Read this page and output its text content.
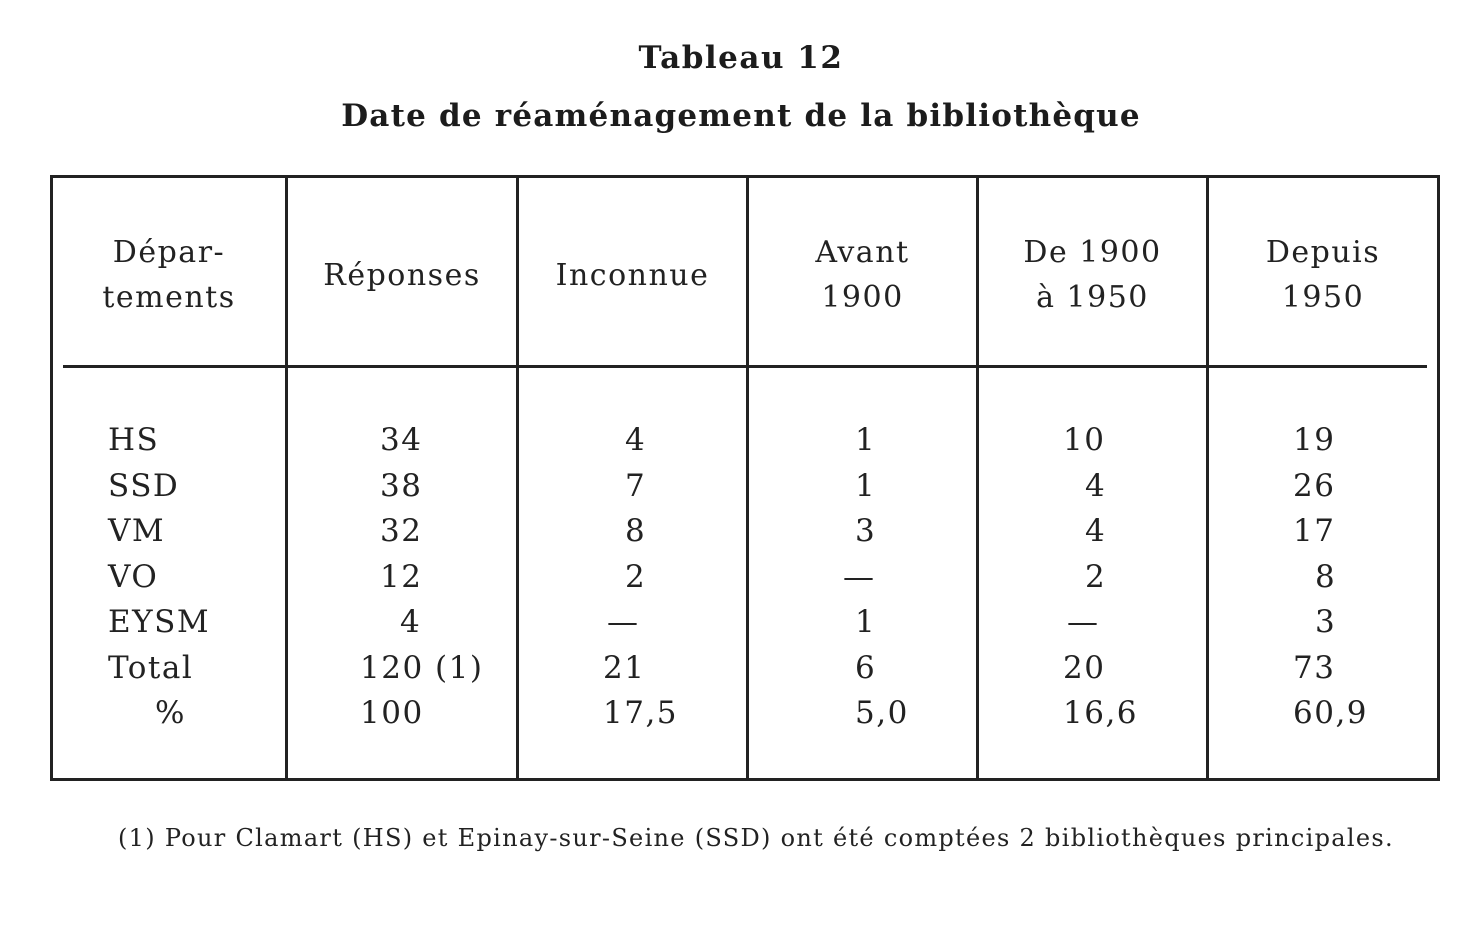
Tableau 12
Date de réaménagement de la bibliothèque
Dépar-
tements
Réponses Inconnue
Avant
1900
De 1900
à 1950
Depuis
1950
HS
SSD
VM
VO
EYSM
Total
%
34
38
32
12
4
120 (1)
100
4
7
8
2
—
21
17,5
1
1
3
—
1
6
5,0
10
4
4
2
—
20
16,6
19
26
17
8
3
73
60,9

(1) Pour Clamart (HS) et Epinay-sur-Seine (SSD) ont été comptées 2 bibliothèques principales.
